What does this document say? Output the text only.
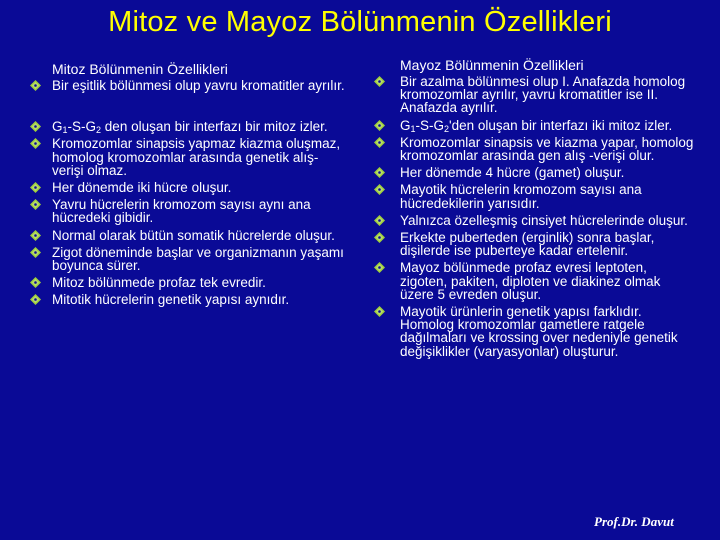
Mitoz ve Mayoz Bölünmenin Özellikleri
Mitoz Bölünmenin Özellikleri
Bir eşitlik bölünmesi olup yavru kromatitler ayrılır.
$G_1-S-G_2$ den oluşan bir interfazı bir mitoz izler.
Kromozomlar sinapsis yapmaz kiazma oluşmaz, homolog kromozomlar arasında genetik alış-verişi olmaz.
Her dönemde iki hücre oluşur.
Yavru hücrelerin kromozom sayısı aynı ana hücredeki gibidir.
Normal olarak bütün somatik hücrelerde oluşur.
Zigot döneminde başlar ve organizmanın yaşamı boyunca sürer.
Mitoz bölünmede profaz tek evredir.
Mitotik hücrelerin genetik yapısı aynıdır.
Mayoz Bölünmenin Özellikleri
Bir azalma bölünmesi olup I. Anafazda homolog kromozomlar ayrılır, yavru kromatitler ise II. Anafazda ayrılır.
$G_1-S-G_2'den$ oluşan bir interfazı iki mitoz izler.
Kromozomlar sinapsis ve kiazma yapar, homolog kromozomlar arasında gen alış -verişi olur.
Her dönemde 4 hücre (gamet) oluşur.
Mayotik hücrelerin kromozom sayısı ana hücredekilerin yarısıdır.
Yalnızca özelleşmiş cinsiyet hücrelerinde oluşur.
Erkekte puberteden (erginlik) sonra başlar, dişilerde ise puberteye kadar ertelenir.
Mayoz bölünmede profaz evresi leptoten, zigoten, pakiten, diploten ve diakinez olmak üzere 5 evreden oluşur.
Mayotik ürünlerin genetik yapısı farklıdır. Homolog kromozomlar gametlere ratgele dağılmaları ve krossing over nedeniyle genetik değişiklikler (varyasyonlar) oluşturur.
Prof.Dr. Davut
